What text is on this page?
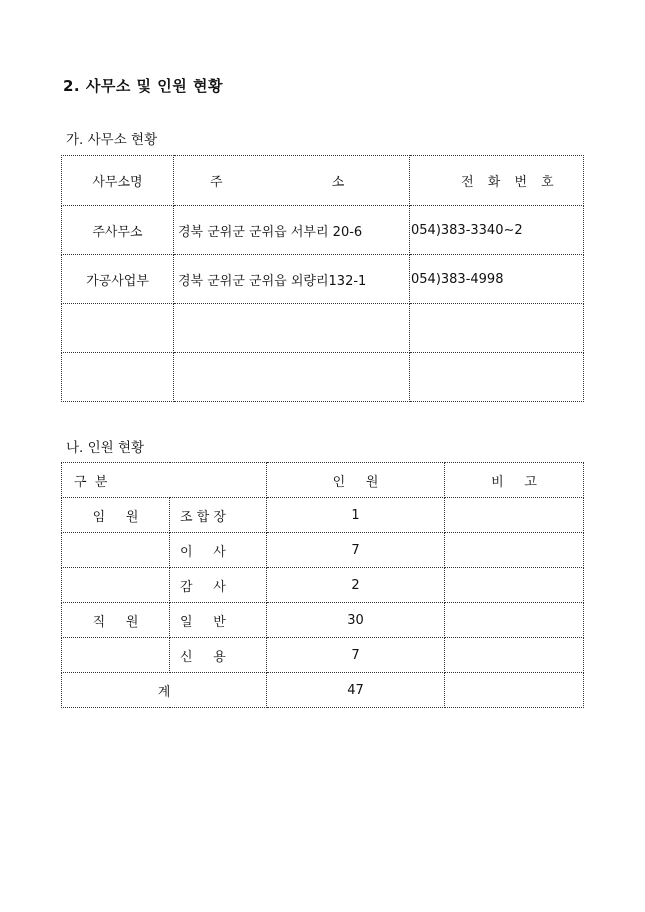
2. 사무소 및 인원 현황
가. 사무소 현황
사무소명	주 소	전 화 번 호

주사무소	경북 군위군 군위읍 서부리 20-6	054)383-3340∼2
가공사업부	경북 군위군 군위읍 외량리132-1	054)383-4998

나. 인원 현황
구  분		인     원	비     고
임     원	조 합 장	1	
	이     사	7	
	감     사	2	
직     원	일     반	30	
	신     용	7	
계		47	
